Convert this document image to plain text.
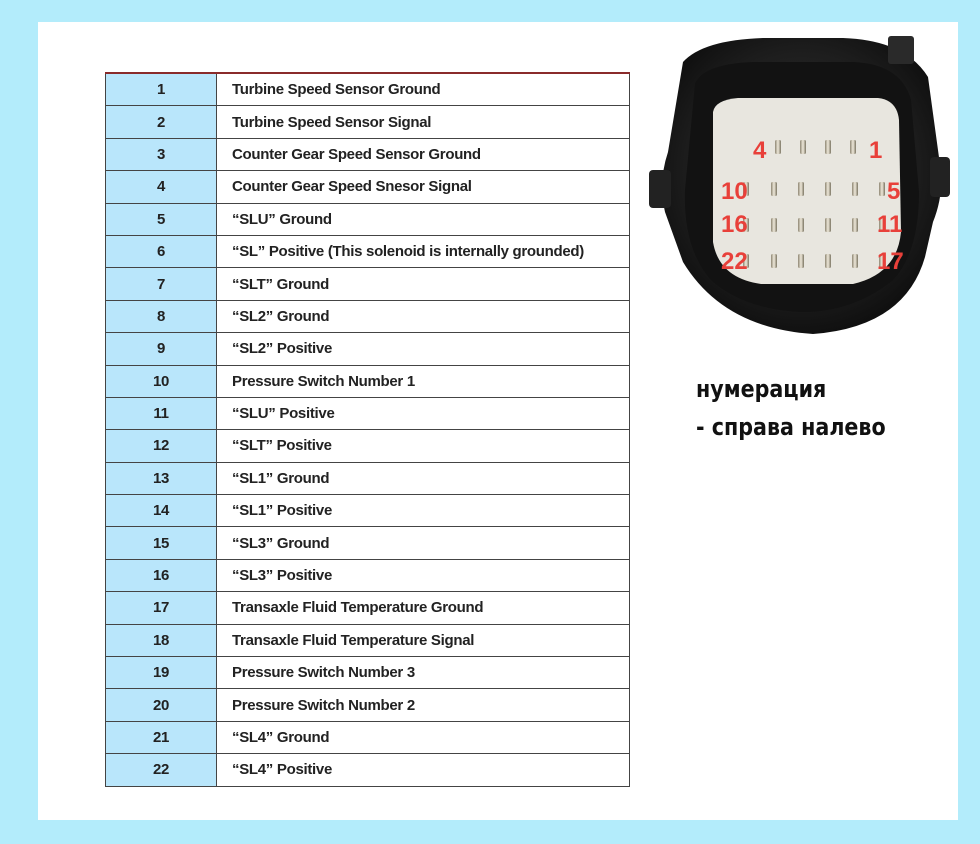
1	Turbine Speed Sensor Ground
2	Turbine Speed Sensor Signal
3	Counter Gear Speed Sensor Ground
4	Counter Gear Speed Snesor Signal
5	“SLU” Ground
6	“SL” Positive (This solenoid is internally grounded)
7	“SLT” Ground
8	“SL2” Ground
9	“SL2” Positive
10	Pressure Switch Number 1
11	“SLU” Positive
12	“SLT” Positive
13	“SL1” Ground
14	“SL1” Positive
15	“SL3” Ground
16	“SL3” Positive
17	Transaxle Fluid Temperature Ground
18	Transaxle Fluid Temperature Signal
19	Pressure Switch Number 3
20	Pressure Switch Number 2
21	“SL4” Ground
22	“SL4” Positive
4	1
10	5
16	11
22	17
нумерация
- справа налево
